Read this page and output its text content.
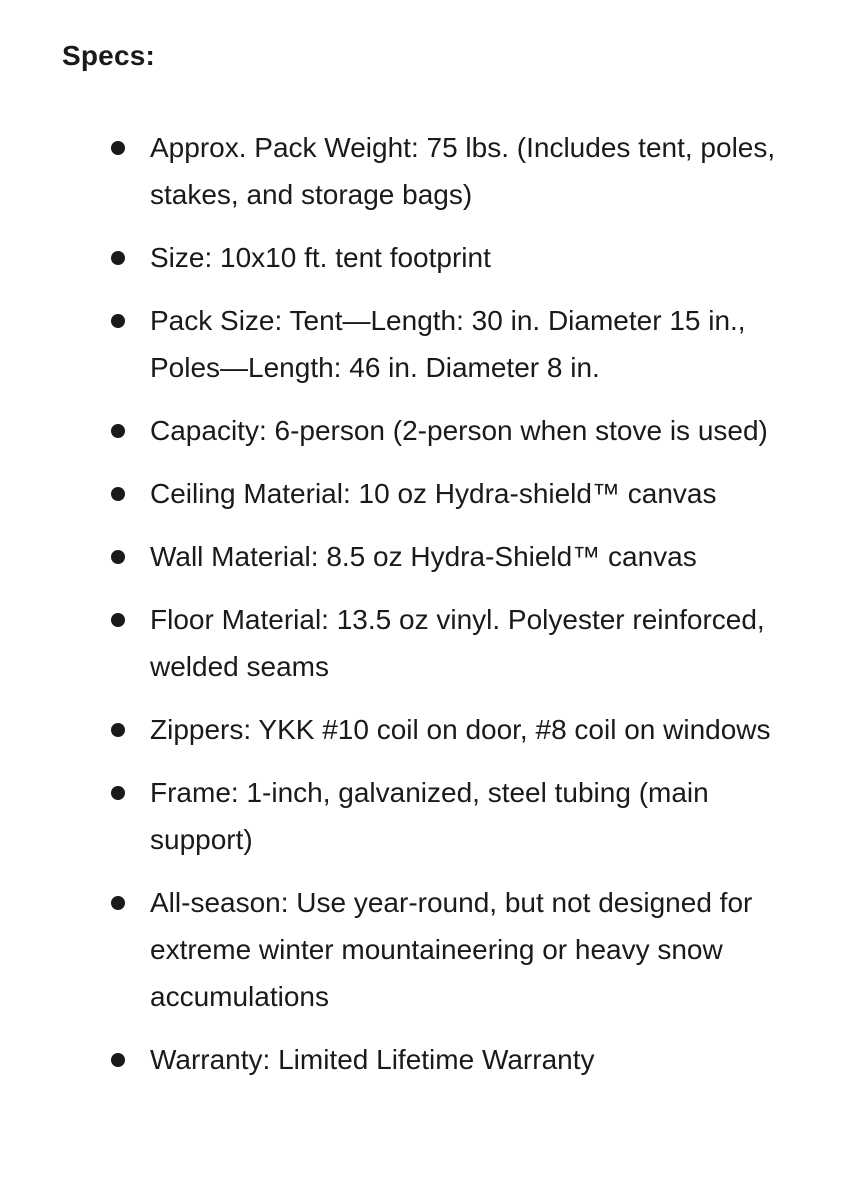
Specs:
Approx. Pack Weight: 75 lbs. (Includes tent, poles, stakes, and storage bags)
Size: 10x10 ft. tent footprint
Pack Size: Tent—Length: 30 in. Diameter 15 in., Poles—Length: 46 in. Diameter 8 in.
Capacity: 6-person (2-person when stove is used)
Ceiling Material: 10 oz Hydra-shield™ canvas
Wall Material: 8.5 oz Hydra-Shield™ canvas
Floor Material: 13.5 oz vinyl. Polyester reinforced, welded seams
Zippers: YKK #10 coil on door, #8 coil on windows
Frame: 1-inch, galvanized, steel tubing (main support)
All-season: Use year-round, but not designed for extreme winter mountaineering or heavy snow accumulations
Warranty: Limited Lifetime Warranty
